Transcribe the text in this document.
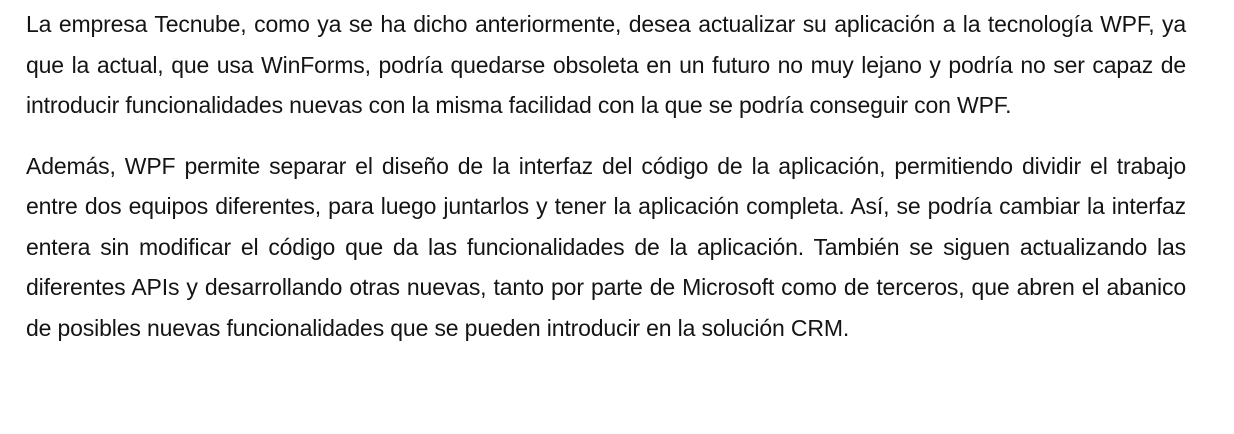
La empresa Tecnube, como ya se ha dicho anteriormente, desea actualizar su aplicación a la tecnología WPF, ya que la actual, que usa WinForms, podría quedarse obsoleta en un futuro no muy lejano y podría no ser capaz de introducir funcionalidades nuevas con la misma facilidad con la que se podría conseguir con WPF.

Además, WPF permite separar el diseño de la interfaz del código de la aplicación, permitiendo dividir el trabajo entre dos equipos diferentes, para luego juntarlos y tener la aplicación completa. Así, se podría cambiar la interfaz entera sin modificar el código que da las funcionalidades de la aplicación. También se siguen actualizando las diferentes APIs y desarrollando otras nuevas, tanto por parte de Microsoft como de terceros, que abren el abanico de posibles nuevas funcionalidades que se pueden introducir en la solución CRM.
